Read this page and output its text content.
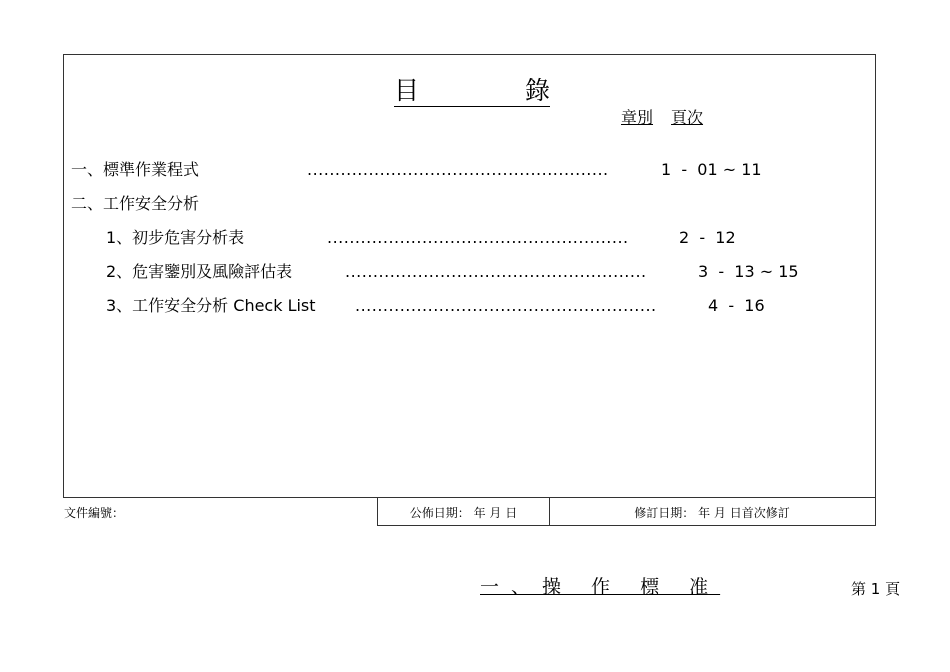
目	錄
章別 頁次
一、標準作業程式	......................................................	1  -  01 ~ 11
二、工作安全分析
1、初步危害分析表	......................................................	2  -  12
2、危害鑒別及風險評估表	......................................................	3  -  13 ~ 15
3、工作安全分析 Check List ......................................................	4  -  16
文件編號：	公佈日期： 年 月 日	修訂日期： 年 月 日首次修訂
一、操 作 標 准	第 1 頁
